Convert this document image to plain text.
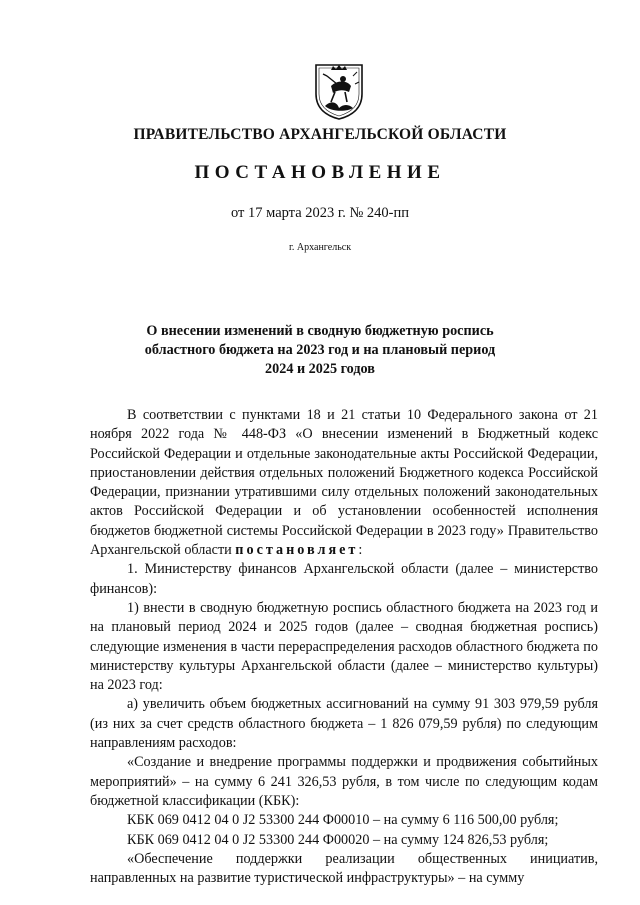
ПРАВИТЕЛЬСТВО АРХАНГЕЛЬСКОЙ ОБЛАСТИ
ПОСТАНОВЛЕНИЕ
от 17 марта 2023 г. № 240-пп
г. Архангельск
О внесении изменений в сводную бюджетную роспись
областного бюджета на 2023 год и на плановый период
2024 и 2025 годов

В соответствии с пунктами 18 и 21 статьи 10 Федерального закона от 21 ноября 2022 года № 448-ФЗ «О внесении изменений в Бюджетный кодекс Российской Федерации и отдельные законодательные акты Российской Федерации, приостановлении действия отдельных положений Бюджетного кодекса Российской Федерации, признании утратившими силу отдельных положений законодательных актов Российской Федерации и об установлении особенностей исполнения бюджетов бюджетной системы Российской Федерации в 2023 году» Правительство Архангельской области постановляет:

1. Министерству финансов Архангельской области (далее – министерство финансов):

1) внести в сводную бюджетную роспись областного бюджета на 2023 год и на плановый период 2024 и 2025 годов (далее – сводная бюджетная роспись) следующие изменения в части перераспределения расходов областного бюджета по министерству культуры Архангельской области (далее – министерство культуры) на 2023 год:

а) увеличить объем бюджетных ассигнований на сумму 91 303 979,59 рубля (из них за счет средств областного бюджета – 1 826 079,59 рубля) по следующим направлениям расходов:

«Создание и внедрение программы поддержки и продвижения событийных мероприятий» – на сумму 6 241 326,53 рубля, в том числе по следующим кодам бюджетной классификации (КБК):

КБК 069 0412 04 0 J2 53300 244 Ф00010 – на сумму 6 116 500,00 рубля;

КБК 069 0412 04 0 J2 53300 244 Ф00020 – на сумму 124 826,53 рубля;

«Обеспечение поддержки реализации общественных инициатив, направленных на развитие туристической инфраструктуры» – на сумму
